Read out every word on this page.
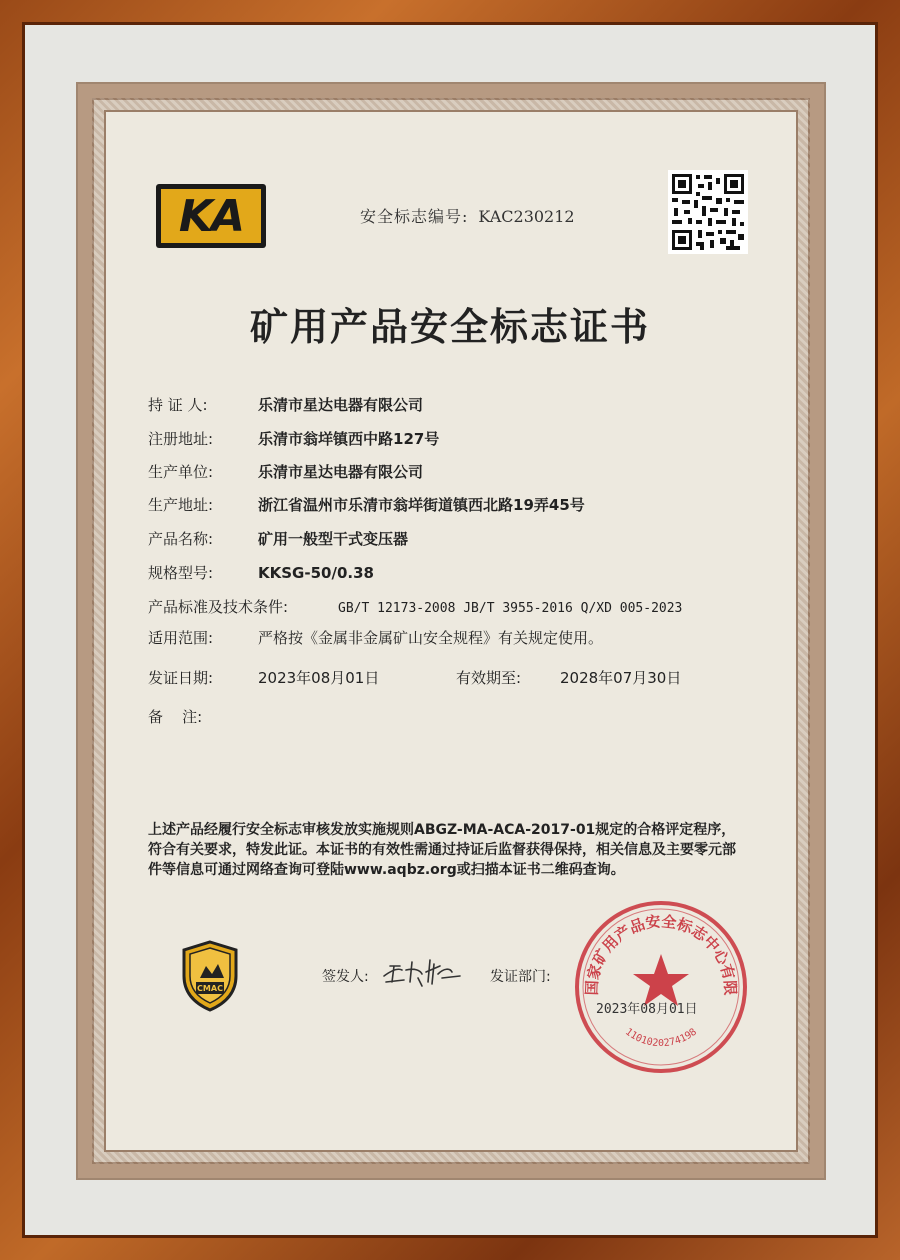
KA	安全标志编号: KAC230212
矿用产品安全标志证书
持 证 人:	乐清市星达电器有限公司
注册地址:	乐清市翁垟镇西中路127号
生产单位:	乐清市星达电器有限公司
生产地址:	浙江省温州市乐清市翁垟街道镇西北路19弄45号
产品名称:	矿用一般型干式变压器
规格型号:	KKSG-50/0.38
产品标准及技术条件:	GB/T 12173-2008 JB/T 3955-2016 Q/XD 005-2023
适用范围:	严格按《金属非金属矿山安全规程》有关规定使用。
发证日期:	2023年08月01日	有效期至:	2028年07月30日
备    注:
上述产品经履行安全标志审核发放实施规则ABGZ-MA-ACA-2017-01规定的合格评定程序，符合有关要求，特发此证。本证书的有效性需通过持证后监督获得保持，相关信息及主要零元部件等信息可通过网络查询可登陆www.aqbz.org或扫描本证书二维码查询。
CMAC
签发人:	发证部门:
国家矿用产品安全标志中心有限
1101020274198
2023年08月01日
